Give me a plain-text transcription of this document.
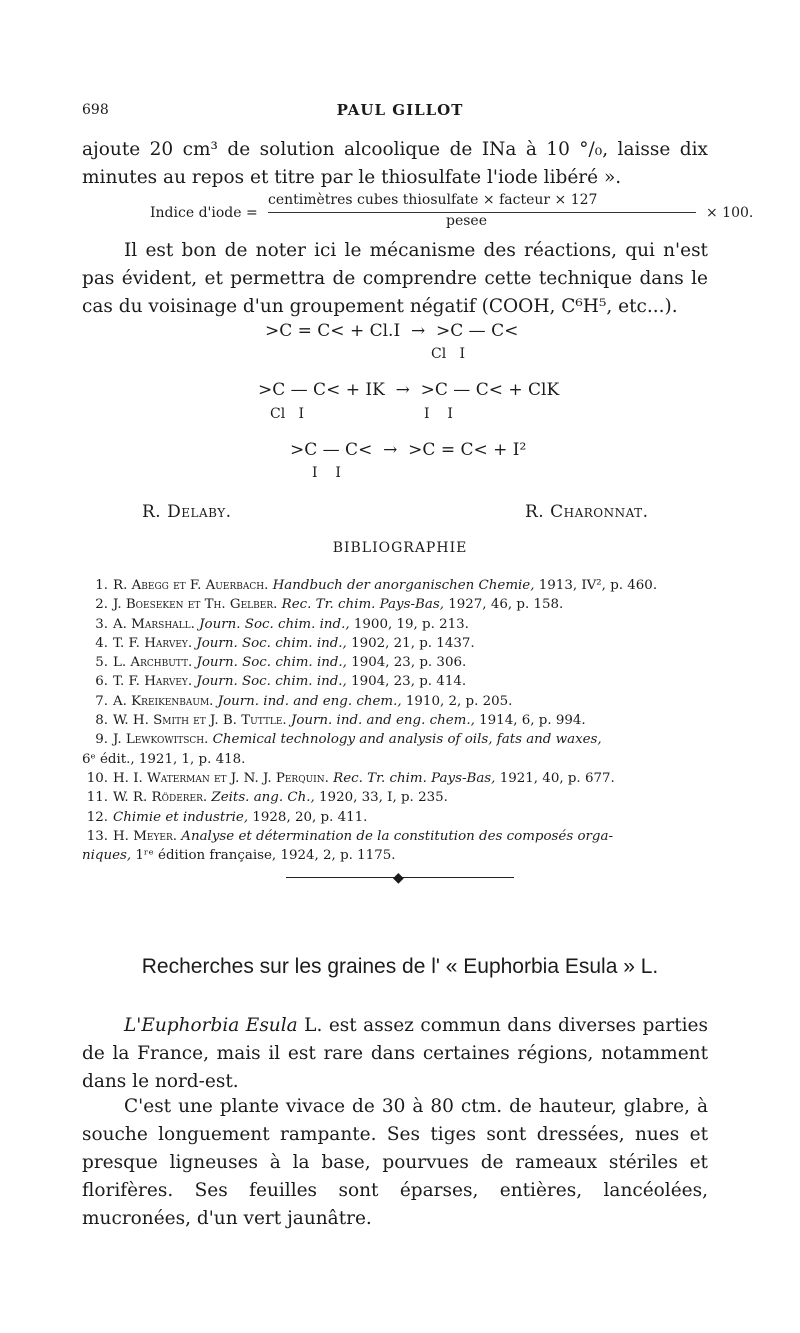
698	PAUL GILLOT

ajoute 20 cm³ de solution alcoolique de INa à 10 °/₀, laisse dix minutes au repos et titre par le thiosulfate l'iode libéré ».

Indice d'iode =
centimètres cubes thiosulfate × facteur × 127
pesee	× 100.

Il est bon de noter ici le mécanisme des réactions, qui n'est pas évident, et permettra de comprendre cette technique dans le cas du voisinage d'un groupement négatif (COOH, C⁶H⁵, etc...).

>C = C< + Cl.I  →  >C — C<
Cl   I
>C — C< + IK  →  >C — C< + ClK
Cl   I	I    I
>C — C<  →  >C = C< + I²
I    I
R. Delaby.	R. Charonnat.
BIBLIOGRAPHIE
1. R. Abegg et F. Auerbach. Handbuch der anorganischen Chemie, 1913, IV², p. 460.
2. J. Boeseken et Th. Gelber. Rec. Tr. chim. Pays-Bas, 1927, 46, p. 158.
3. A. Marshall. Journ. Soc. chim. ind., 1900, 19, p. 213.
4. T. F. Harvey. Journ. Soc. chim. ind., 1902, 21, p. 1437.
5. L. Archbutt. Journ. Soc. chim. ind., 1904, 23, p. 306.
6. T. F. Harvey. Journ. Soc. chim. ind., 1904, 23, p. 414.
7. A. Kreikenbaum. Journ. ind. and eng. chem., 1910, 2, p. 205.
8. W. H. Smith et J. B. Tuttle. Journ. ind. and eng. chem., 1914, 6, p. 994.
9. J. Lewkowitsch. Chemical technology and analysis of oils, fats and waxes,
6ᵉ édit., 1921, 1, p. 418.
10. H. I. Waterman et J. N. J. Perquin. Rec. Tr. chim. Pays-Bas, 1921, 40, p. 677.
11. W. R. Röderer. Zeits. ang. Ch., 1920, 33, I, p. 235.
12. Chimie et industrie, 1928, 20, p. 411.
13. H. Meyer. Analyse et détermination de la constitution des composés orga-
niques, 1ʳᵉ édition française, 1924, 2, p. 1175.
◆
Recherches sur les graines de l' « Euphorbia Esula » L.

L'Euphorbia Esula L. est assez commun dans diverses parties de la France, mais il est rare dans certaines régions, notamment dans le nord-est.

C'est une plante vivace de 30 à 80 ctm. de hauteur, glabre, à souche longuement rampante. Ses tiges sont dressées, nues et presque ligneuses à la base, pourvues de rameaux stériles et florifères. Ses feuilles sont éparses, entières, lancéolées, mucronées, d'un vert jaunâtre.
